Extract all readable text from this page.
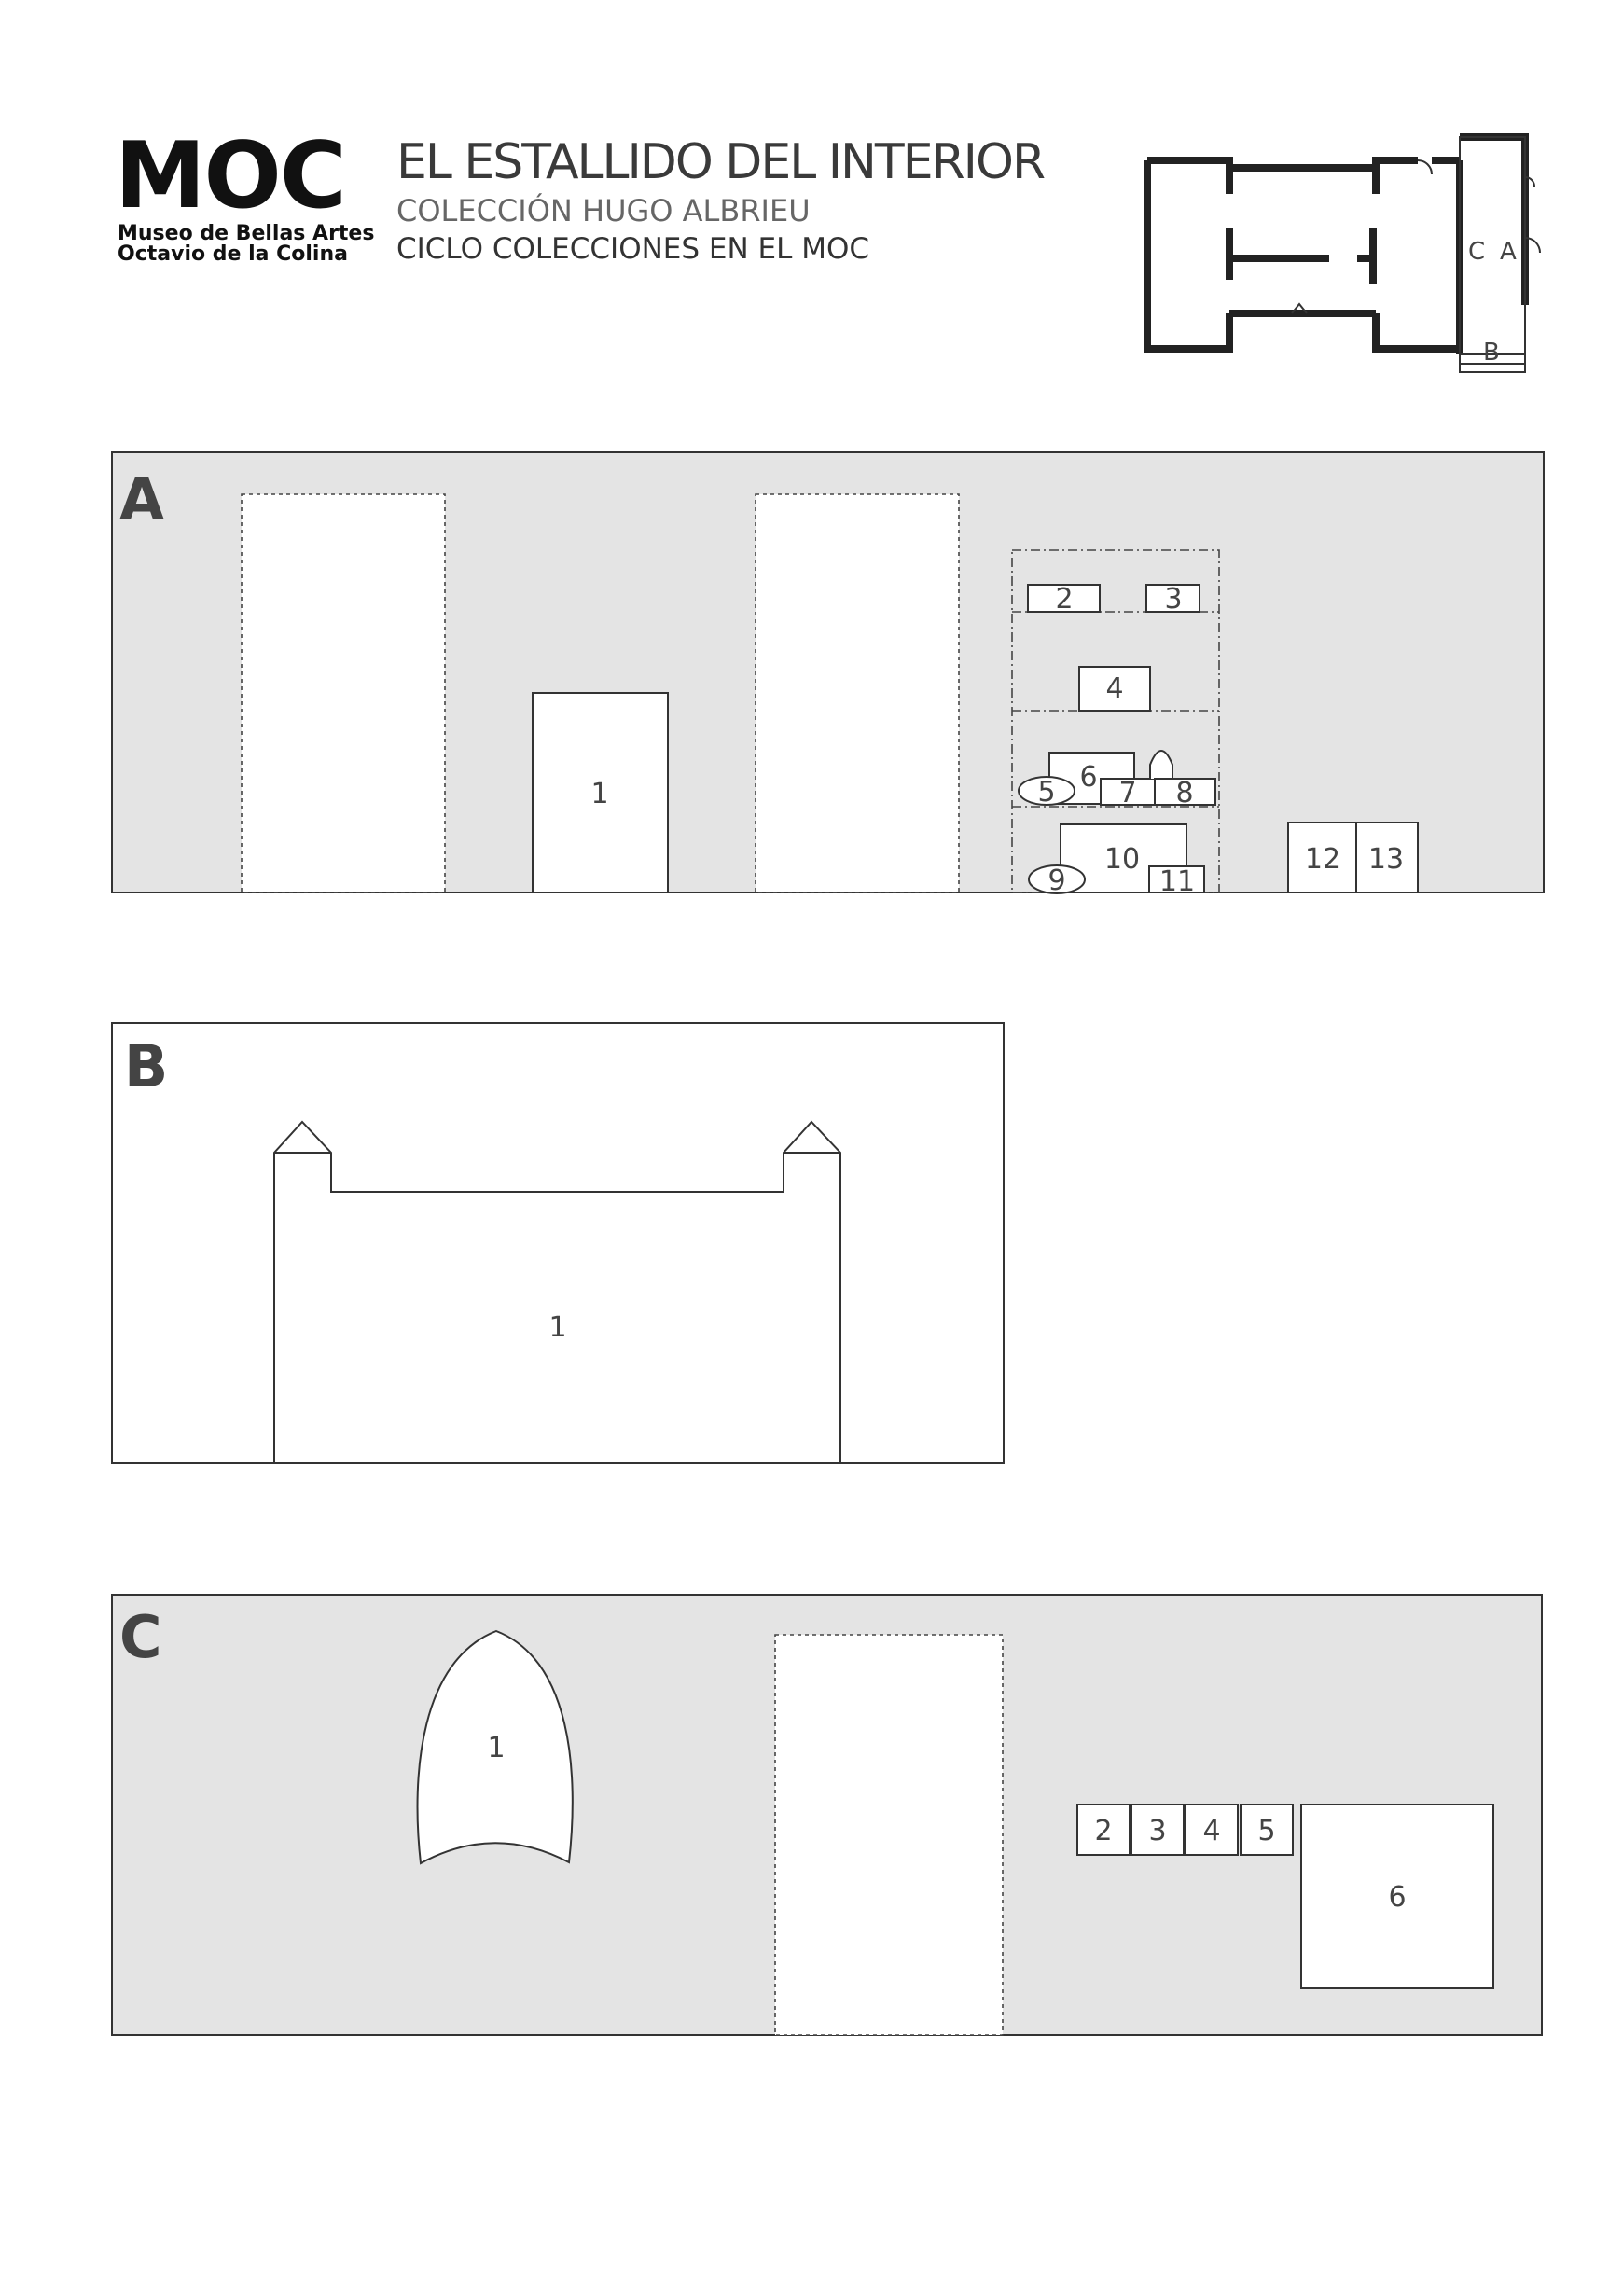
MOC
Museo de Bellas Artes
Octavio de la Colina
EL ESTALLIDO DEL INTERIOR
COLECCIÓN HUGO ALBRIEU
CICLO COLECCIONES EN EL MOC	C A
B
A
1
2	3
4
6
5 7 8
10
9	11
12 13
B
1
C
1
2 3 4 5
6
